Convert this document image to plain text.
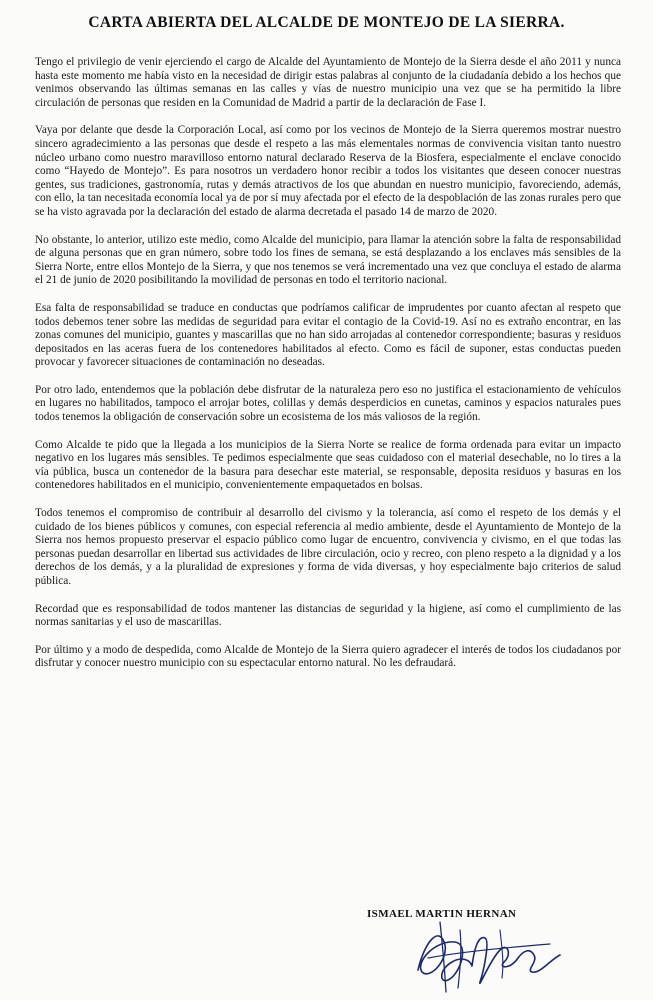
CARTA ABIERTA DEL ALCALDE DE MONTEJO DE LA SIERRA.

Tengo el privilegio de venir ejerciendo el cargo de Alcalde del Ayuntamiento de Montejo de la Sierra desde el año 2011 y nunca hasta este momento me había visto en la necesidad de dirigir estas palabras al conjunto de la ciudadanía debido a los hechos que venimos observando las últimas semanas en las calles y vías de nuestro municipio una vez que se ha permitido la libre circulación de personas que residen en la Comunidad de Madrid a partir de la declaración de Fase I.

Vaya por delante que desde la Corporación Local, así como por los vecinos de Montejo de la Sierra queremos mostrar nuestro sincero agradecimiento a las personas que desde el respeto a las más elementales normas de convivencia visitan tanto nuestro núcleo urbano como nuestro maravilloso entorno natural declarado Reserva de la Biosfera, especialmente el enclave conocido como “Hayedo de Montejo”. Es para nosotros un verdadero honor recibir a todos los visitantes que deseen conocer nuestras gentes, sus tradiciones, gastronomía, rutas y demás atractivos de los que abundan en nuestro municipio, favoreciendo, además, con ello, la tan necesitada economía local ya de por sí muy afectada por el efecto de la despoblación de las zonas rurales pero que se ha visto agravada por la declaración del estado de alarma decretada el pasado 14 de marzo de 2020.

No obstante, lo anterior, utilizo este medio, como Alcalde del municipio, para llamar la atención sobre la falta de responsabilidad de alguna personas que en gran número, sobre todo los fines de semana, se está desplazando a los enclaves más sensibles de la Sierra Norte, entre ellos Montejo de la Sierra, y que nos tenemos se verá incrementado una vez que concluya el estado de alarma el 21 de junio de 2020 posibilitando la movilidad de personas en todo el territorio nacional.

Esa falta de responsabilidad se traduce en conductas que podríamos calificar de imprudentes por cuanto afectan al respeto que todos debemos tener sobre las medidas de seguridad para evitar el contagio de la Covid-19. Así no es extraño encontrar, en las zonas comunes del municipio, guantes y mascarillas que no han sido arrojadas al contenedor correspondiente; basuras y residuos depositados en las aceras fuera de los contenedores habilitados al efecto. Como es fácil de suponer, estas conductas pueden provocar y favorecer situaciones de contaminación no deseadas.

Por otro lado, entendemos que la población debe disfrutar de la naturaleza pero eso no justifica el estacionamiento de vehículos en lugares no habilitados, tampoco el arrojar botes, colillas y demás desperdicios en cunetas, caminos y espacios naturales pues todos tenemos la obligación de conservación sobre un ecosistema de los más valiosos de la región.

Como Alcalde te pido que la llegada a los municipios de la Sierra Norte se realice de forma ordenada para evitar un impacto negativo en los lugares más sensibles. Te pedimos especialmente que seas cuidadoso con el material desechable, no lo tires a la vía pública, busca un contenedor de la basura para desechar este material, se responsable, deposita residuos y basuras en los contenedores habilitados en el municipio, convenientemente empaquetados en bolsas.

Todos tenemos el compromiso de contribuir al desarrollo del civismo y la tolerancia, así como el respeto de los demás y el cuidado de los bienes públicos y comunes, con especial referencia al medio ambiente, desde el Ayuntamiento de Montejo de la Sierra nos hemos propuesto preservar el espacio público como lugar de encuentro, convivencia y civismo, en el que todas las personas puedan desarrollar en libertad sus actividades de libre circulación, ocio y recreo, con pleno respeto a la dignidad y a los derechos de los demás, y a la pluralidad de expresiones y forma de vida diversas, y hoy especialmente bajo criterios de salud pública.

Recordad que es responsabilidad de todos mantener las distancias de seguridad y la higiene, así como el cumplimiento de las normas sanitarias y el uso de mascarillas.

Por último y a modo de despedida, como Alcalde de Montejo de la Sierra quiero agradecer el interés de todos los ciudadanos por disfrutar y conocer nuestro municipio con su espectacular entorno natural. No les defraudará.

ISMAEL MARTIN HERNAN
